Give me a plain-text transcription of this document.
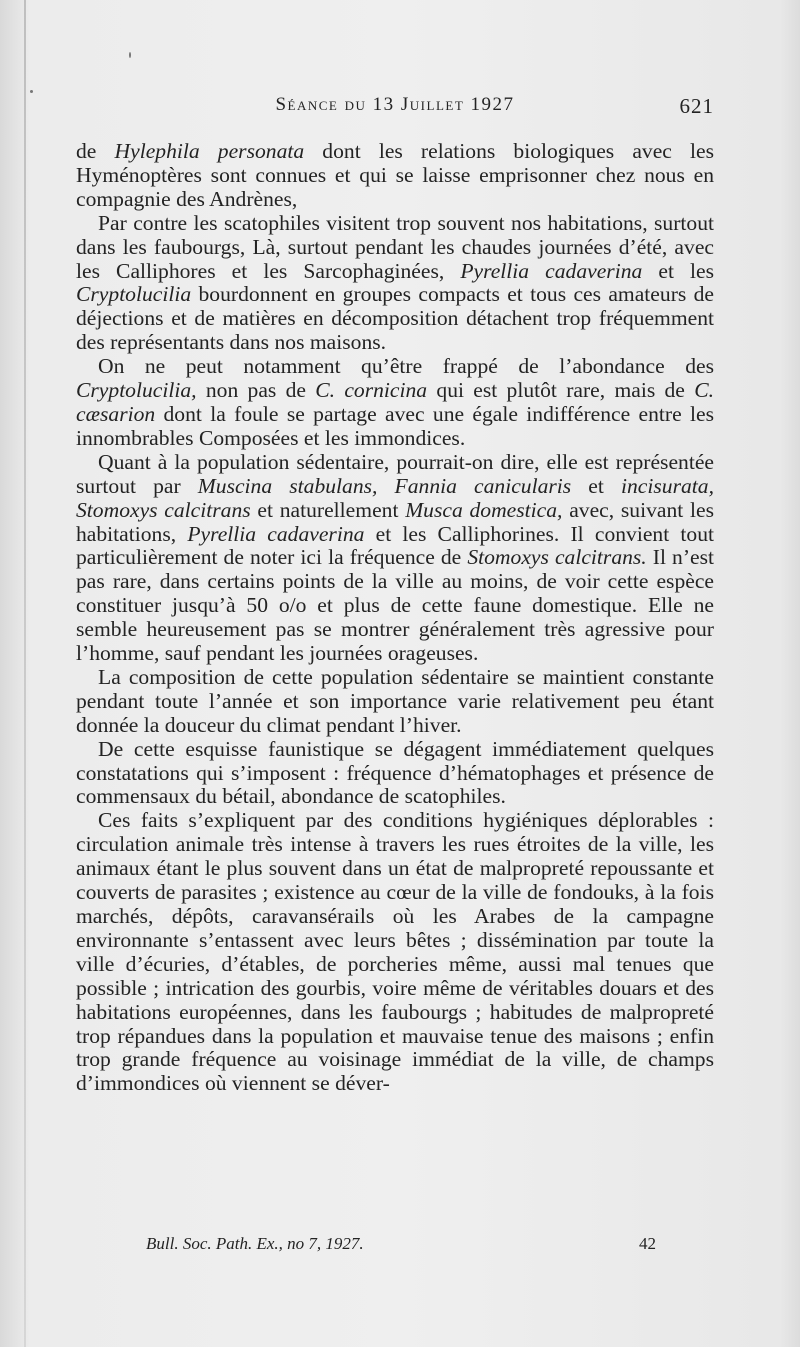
Séance du 13 Juillet 1927	621

de Hylephila personata dont les relations biologiques avec les Hyménoptères sont connues et qui se laisse emprisonner chez nous en compagnie des Andrènes,

Par contre les scatophiles visitent trop souvent nos habitations, surtout dans les faubourgs, Là, surtout pendant les chaudes journées d’été, avec les Calliphores et les Sarcophaginées, Pyrellia cadaverina et les Cryptolucilia bourdonnent en groupes compacts et tous ces amateurs de déjections et de matières en décomposition détachent trop fréquemment des représentants dans nos maisons.

On ne peut notamment qu’être frappé de l’abondance des Cryptolucilia, non pas de C. cornicina qui est plutôt rare, mais de C. cæsarion dont la foule se partage avec une égale indifférence entre les innombrables Composées et les immondices.

Quant à la population sédentaire, pourrait-on dire, elle est représentée surtout par Muscina stabulans, Fannia canicularis et incisurata, Stomoxys calcitrans et naturellement Musca domestica, avec, suivant les habitations, Pyrellia cadaverina et les Calliphorines. Il convient tout particulièrement de noter ici la fréquence de Stomoxys calcitrans. Il n’est pas rare, dans certains points de la ville au moins, de voir cette espèce constituer jusqu’à 50 o/o et plus de cette faune domestique. Elle ne semble heureusement pas se montrer généralement très agressive pour l’homme, sauf pendant les journées orageuses.

La composition de cette population sédentaire se maintient constante pendant toute l’année et son importance varie relativement peu étant donnée la douceur du climat pendant l’hiver.

De cette esquisse faunistique se dégagent immédiatement quelques constatations qui s’imposent : fréquence d’hématophages et présence de commensaux du bétail, abondance de scatophiles.

Ces faits s’expliquent par des conditions hygiéniques déplorables : circulation animale très intense à travers les rues étroites de la ville, les animaux étant le plus souvent dans un état de malpropreté repoussante et couverts de parasites ; existence au cœur de la ville de fondouks, à la fois marchés, dépôts, caravansérails où les Arabes de la campagne environnante s’entassent avec leurs bêtes ; dissémination par toute la ville d’écuries, d’étables, de porcheries même, aussi mal tenues que possible ; intrication des gourbis, voire même de véritables douars et des habitations européennes, dans les faubourgs ; habitudes de malpropreté trop répandues dans la population et mauvaise tenue des maisons ; enfin trop grande fréquence au voisinage immédiat de la ville, de champs d’immondices où viennent se déver-

Bull. Soc. Path. Ex., no 7, 1927.	42
